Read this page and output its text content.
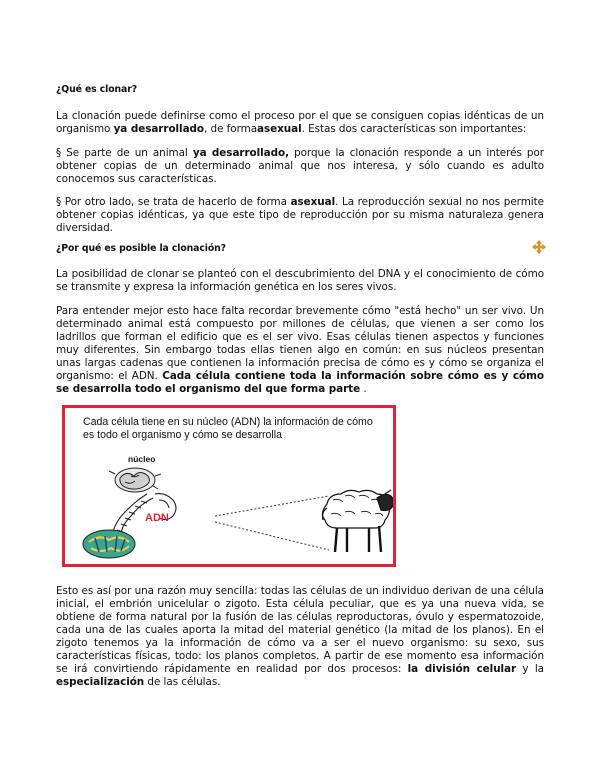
¿Qué es clonar?
La clonación puede definirse como el proceso por el que se consiguen copias idénticas de un organismo ya desarrollado, de formaasexual. Estas dos características son importantes:
§ Se parte de un animal ya desarrollado, porque la clonación responde a un interés por obtener copias de un determinado animal que nos interesa, y sólo cuando es adulto conocemos sus características.
§ Por otro lado, se trata de hacerlo de forma asexual. La reproducción sexual no nos permite obtener copias idénticas, ya que este tipo de reproducción por su misma naturaleza genera diversidad.
¿Por qué es posible la clonación?
La posibilidad de clonar se planteó con el descubrimiento del DNA y el conocimiento de cómo se transmite y expresa la información genética en los seres vivos.
Para entender mejor esto hace falta recordar brevemente cómo "está hecho" un ser vivo. Un determinado animal está compuesto por millones de células, que vienen a ser como los ladrillos que forman el edificio que es el ser vivo. Esas células tienen aspectos y funciones muy diferentes. Sin embargo todas ellas tienen algo en común: en sus núcleos presentan unas largas cadenas que contienen la información precisa de cómo es y cómo se organiza el organismo: el ADN. Cada célula contiene toda la información sobre cómo es y cómo se desarrolla todo el organismo del que forma parte .
Cada célula tiene en su núcleo (ADN) la información de cómo es todo el organismo y cómo se desarrolla
núcleo
ADN
Esto es así por una razón muy sencilla: todas las células de un individuo derivan de una célula inicial, el embrión unicelular o zigoto. Esta célula peculiar, que es ya una nueva vida, se obtiene de forma natural por la fusión de las células reproductoras, óvulo y espermatozoide, cada una de las cuales aporta la mitad del material genético (la mitad de los planos). En el zigoto tenemos ya la información de cómo va a ser el nuevo organismo: su sexo, sus características físicas, todo: los planos completos. A partir de ese momento esa información se irá convirtiendo rápidamente en realidad por dos procesos: la división celular y la especialización de las células.
